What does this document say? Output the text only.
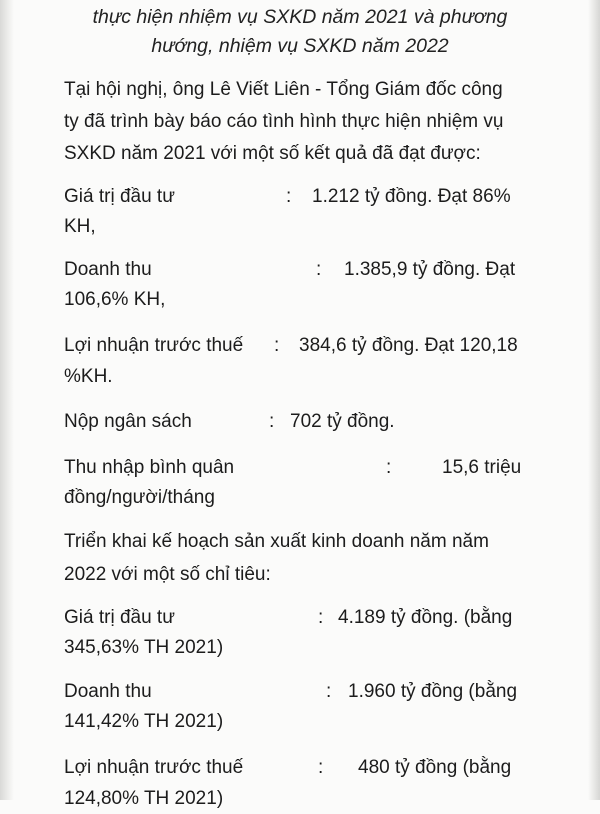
thực hiện nhiệm vụ SXKD năm 2021 và phương
hướng, nhiệm vụ SXKD năm 2022
Tại hội nghị, ông Lê Viết Liên - Tổng Giám đốc công
ty đã trình bày báo cáo tình hình thực hiện nhiệm vụ
SXKD năm 2021 với một số kết quả đã đạt được:
Giá trị đầu tư	: 1.212 tỷ đồng. Đạt 86%
KH,
Doanh thu	: 1.385,9 tỷ đồng. Đạt
106,6% KH,
Lợi nhuận trước thuế : 384,6 tỷ đồng. Đạt 120,18
%KH.
Nộp ngân sách	: 702 tỷ đồng.
Thu nhập bình quân	:	15,6 triệu
đồng/người/tháng
Triển khai kế hoạch sản xuất kinh doanh năm năm
2022 với một số chỉ tiêu:
Giá trị đầu tư	: 4.189 tỷ đồng. (bằng
345,63% TH 2021)
Doanh thu	: 1.960 tỷ đồng (bằng
141,42% TH 2021)
Lợi nhuận trước thuế	: 480 tỷ đồng (bằng
124,80% TH 2021)
